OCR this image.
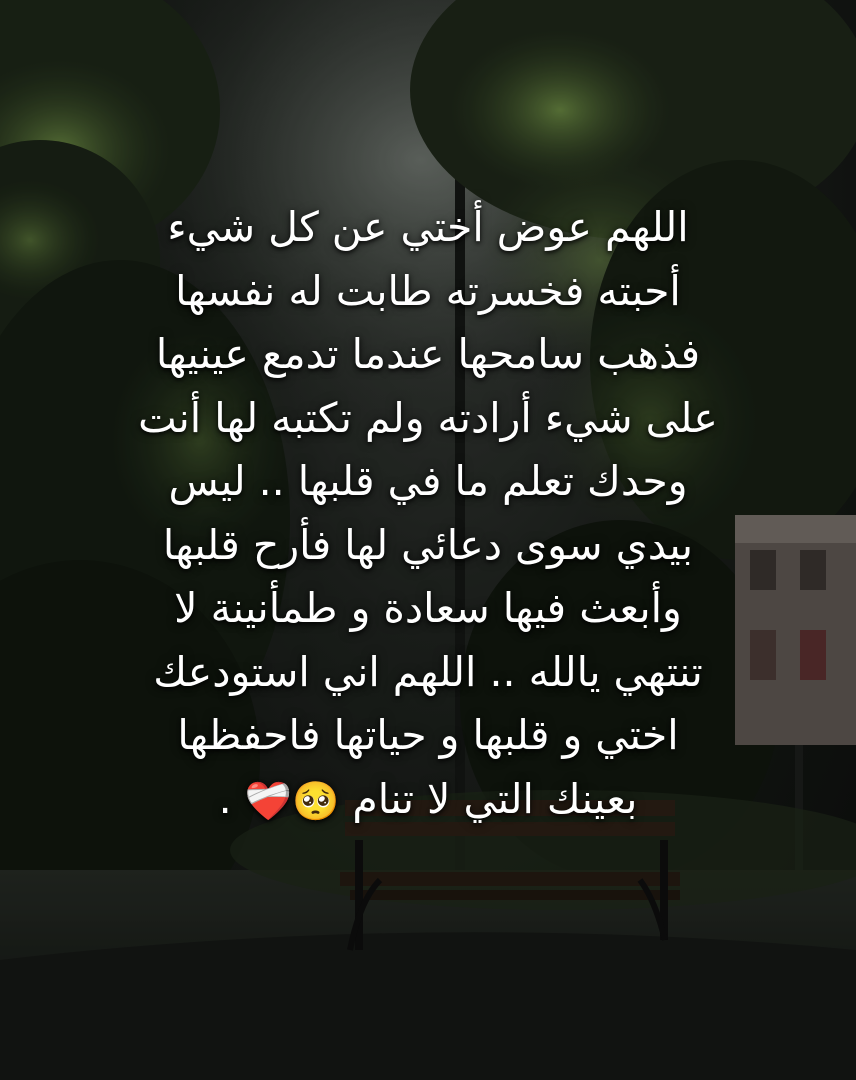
اللهم عوض أختي عن كل شيء
أحبته فخسرته طابت له نفسها
فذهب سامحها عندما تدمع عينيها
على شيء أرادته ولم تكتبه لها أنت
وحدك تعلم ما في قلبها .. ليس
بيدي سوى دعائي لها فأرح قلبها
وأبعث فيها سعادة و طمأنينة لا
تنتهي يالله .. اللهم اني استودعك
اختي و قلبها و حياتها فاحفظها
بعينك التي لا تنام 🥺❤️‍🩹 .
